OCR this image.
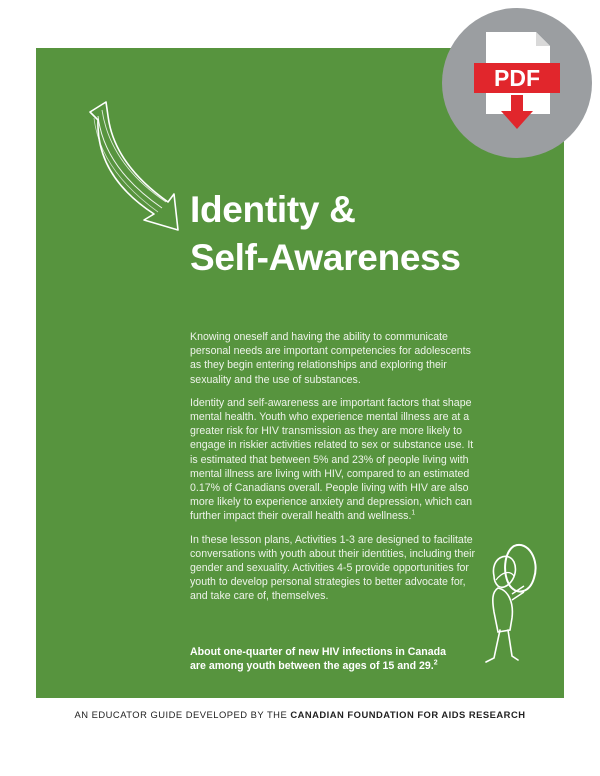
Identity &
Self-Awareness

Knowing oneself and having the ability to communicate personal needs are important competencies for adolescents as they begin entering relationships and exploring their sexuality and the use of substances.

Identity and self-awareness are important factors that shape mental health. Youth who experience mental illness are at a greater risk for HIV transmission as they are more likely to engage in riskier activities related to sex or substance use. It is estimated that between 5% and 23% of people living with mental illness are living with HIV, compared to an estimated 0.17% of Canadians overall. People living with HIV are also more likely to experience anxiety and depression, which can further impact their overall health and wellness.$^1$

In these lesson plans, Activities 1-3 are designed to facilitate conversations with youth about their identities, including their gender and sexuality. Activities 4-5 provide opportunities for youth to develop personal strategies to better advocate for, and take care of, themselves.

About one-quarter of new HIV infections in Canada are among youth between the ages of 15 and 29.$^2$
AN EDUCATOR GUIDE DEVELOPED BY THE CANADIAN FOUNDATION FOR AIDS RESEARCH
PDF
